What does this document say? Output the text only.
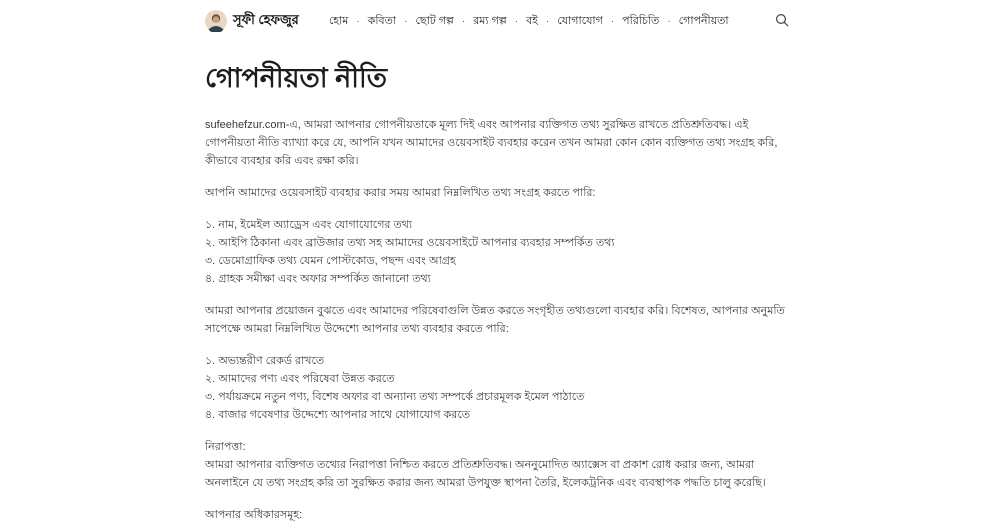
সূফী হেফজুর	হোম · কবিতা · ছোট গল্প · রম্য গল্প · বই · যোগাযোগ · পরিচিতি · গোপনীয়তা
গোপনীয়তা নীতি

sufeehefzur.com-এ, আমরা আপনার গোপনীয়তাকে মূল্য দিই এবং আপনার ব্যক্তিগত তথ্য সুরক্ষিত রাখতে প্রতিশ্রুতিবদ্ধ। এই গোপনীয়তা নীতি ব্যাখ্যা করে যে, আপনি যখন আমাদের ওয়েবসাইট ব্যবহার করেন তখন আমরা কোন কোন ব্যক্তিগত তথ্য সংগ্রহ করি, কীভাবে ব্যবহার করি এবং রক্ষা করি।

আপনি আমাদের ওয়েবসাইট ব্যবহার করার সময় আমরা নিম্নলিখিত তথ্য সংগ্রহ করতে পারি:

১. নাম, ইমেইল অ্যাড্রেস এবং যোগাযোগের তথ্য
২. আইপি ঠিকানা এবং ব্রাউজার তথ্য সহ আমাদের ওয়েবসাইটে আপনার ব্যবহার সম্পর্কিত তথ্য
৩. ডেমোগ্রাফিক তথ্য যেমন পোস্টকোড, পছন্দ এবং আগ্রহ
৪. গ্রাহক সমীক্ষা এবং অফার সম্পর্কিত জানানো তথ্য

আমরা আপনার প্রয়োজন বুঝতে এবং আমাদের পরিষেবাগুলি উন্নত করতে সংগৃহীত তথ্যগুলো ব্যবহার করি। বিশেষত, আপনার অনুমতি সাপেক্ষে আমরা নিম্নলিখিত উদ্দেশ্যে আপনার তথ্য ব্যবহার করতে পারি:

১. অভ্যন্তরীণ রেকর্ড রাখতে
২. আমাদের পণ্য এবং পরিষেবা উন্নত করতে
৩. পর্যায়ক্রমে নতুন পণ্য, বিশেষ অফার বা অন্যান্য তথ্য সম্পর্কে প্রচারমূলক ইমেল পাঠাতে
৪. বাজার গবেষণার উদ্দেশ্যে আপনার সাথে যোগাযোগ করতে

নিরাপত্তা:

আমরা আপনার ব্যক্তিগত তথ্যের নিরাপত্তা নিশ্চিত করতে প্রতিশ্রুতিবদ্ধ। অননুমোদিত অ্যাক্সেস বা প্রকাশ রোধ করার জন্য, আমরা অনলাইনে যে তথ্য সংগ্রহ করি তা সুরক্ষিত করার জন্য আমরা উপযুক্ত স্থাপনা তৈরি, ইলেকট্রনিক এবং ব্যবস্থাপক পদ্ধতি চালু করেছি।

আপনার অধিকারসমূহ:
